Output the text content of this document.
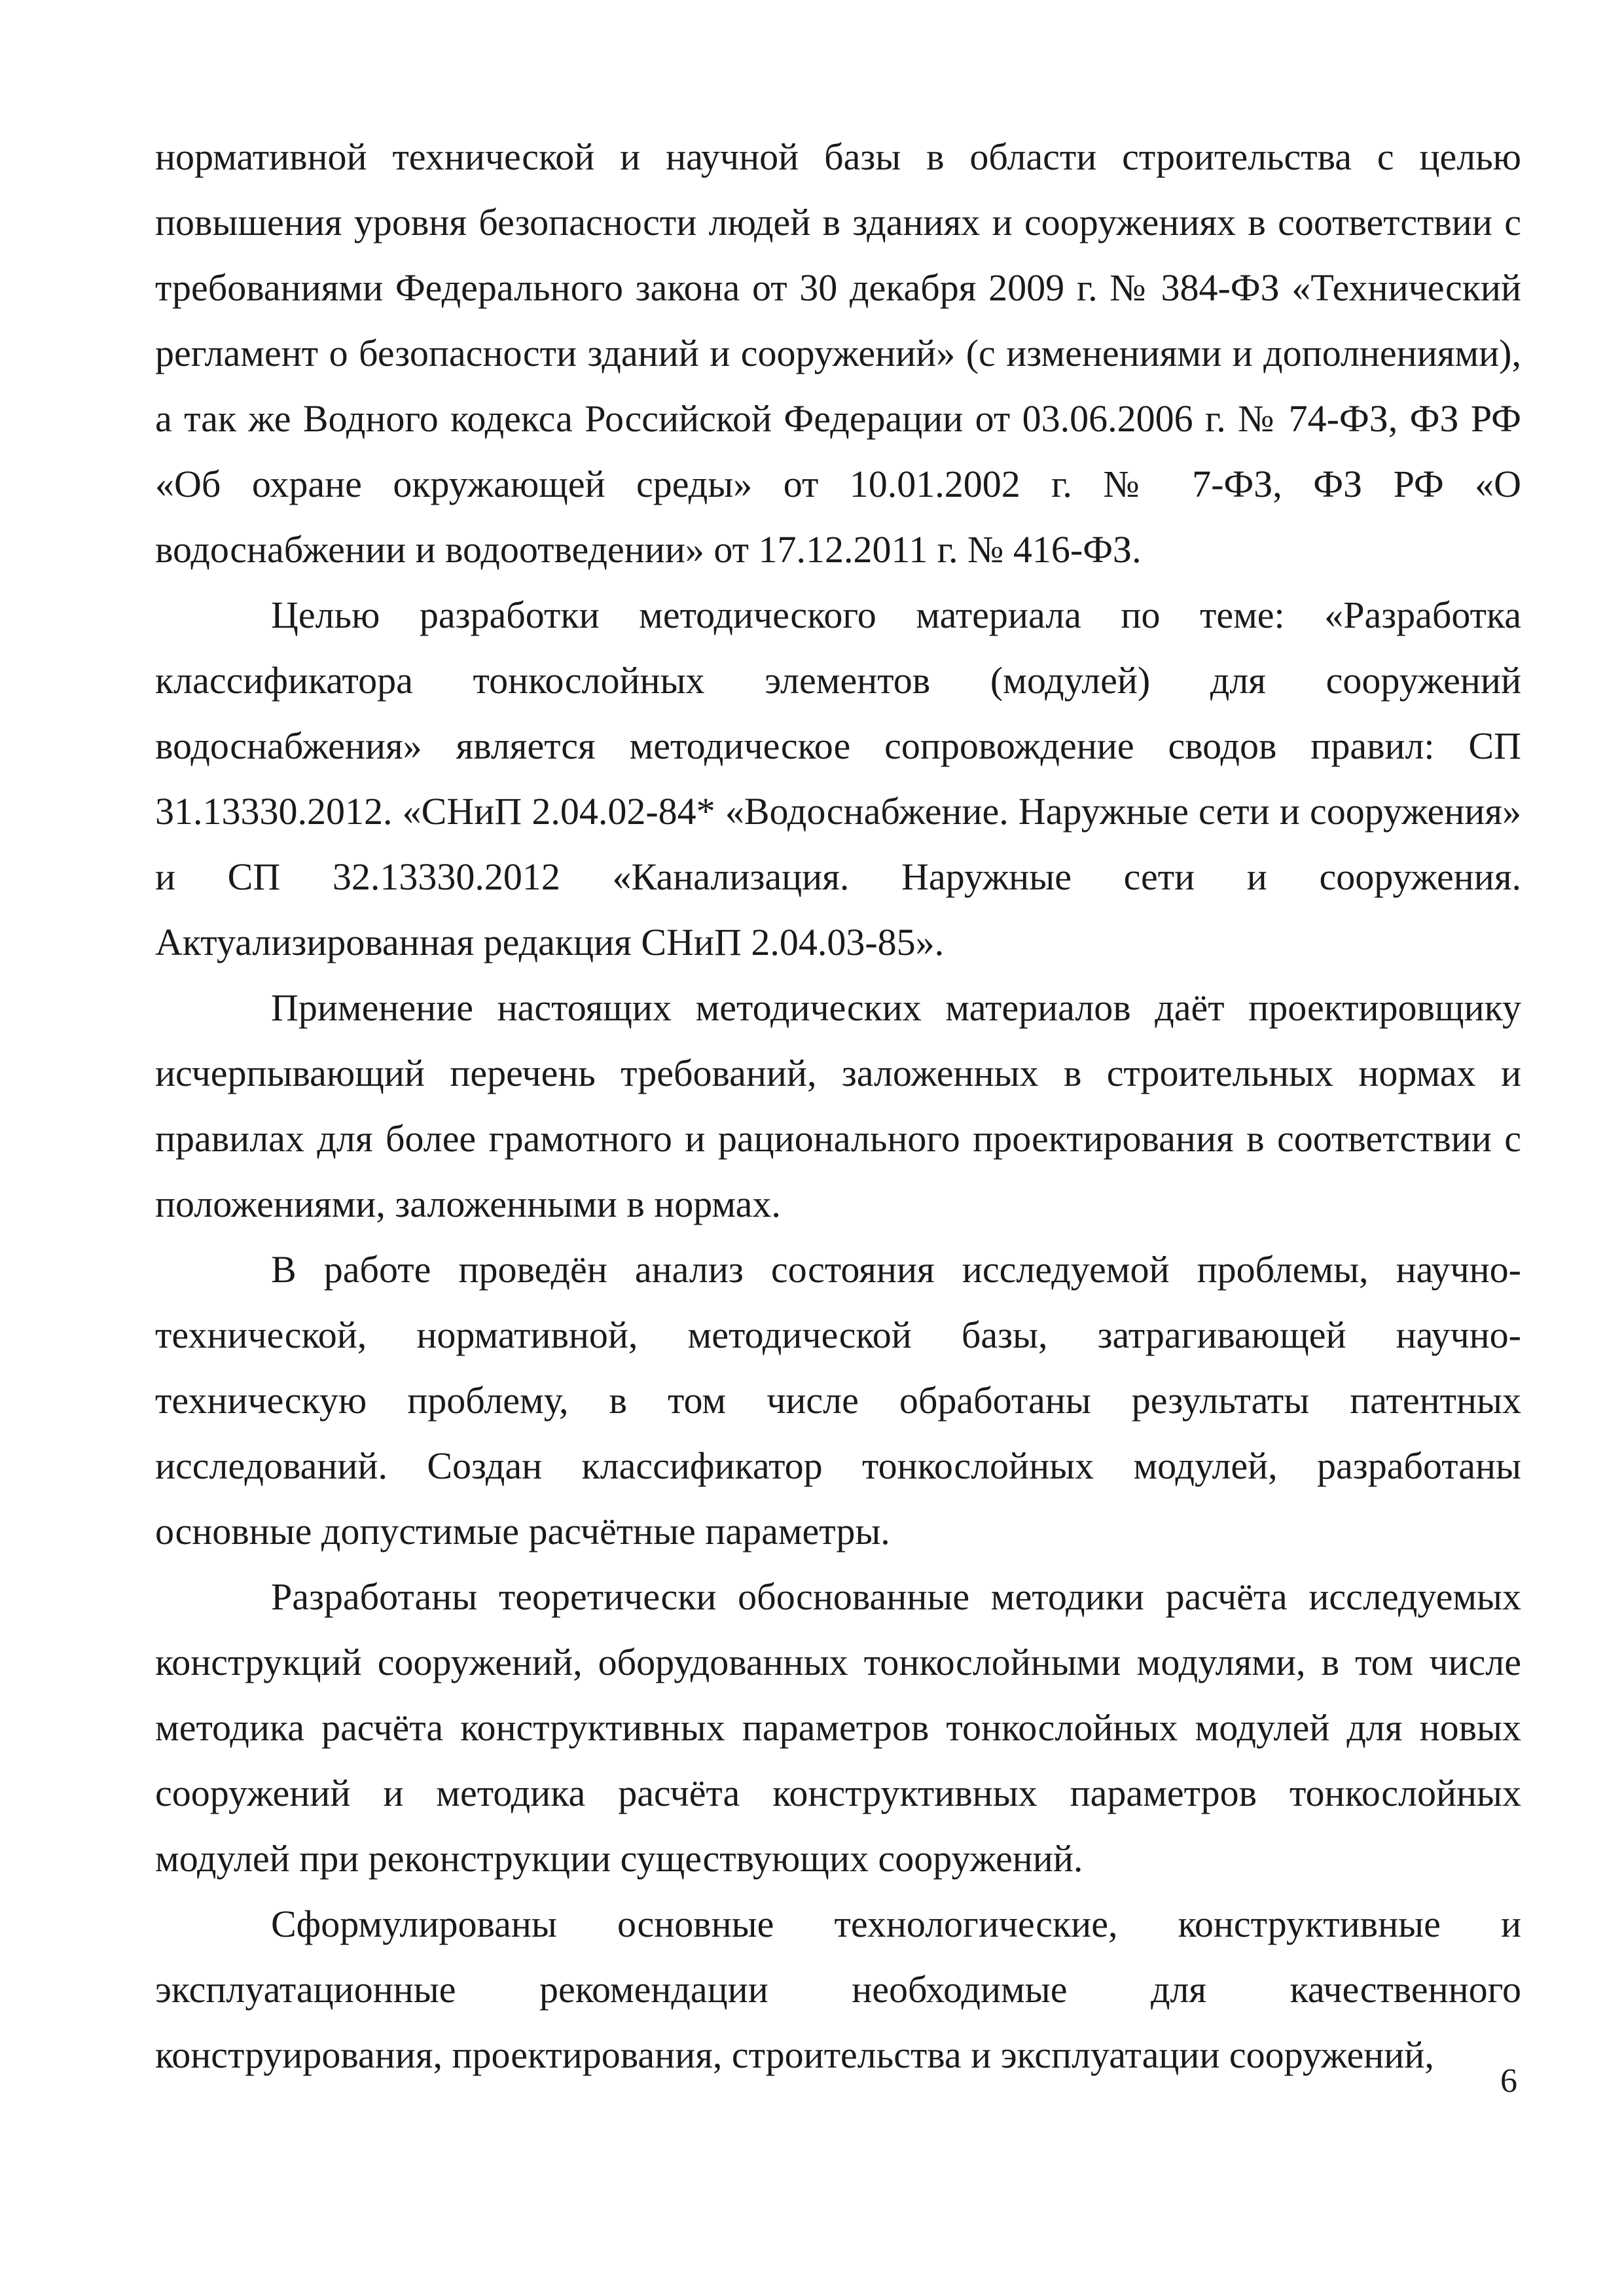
нормативной технической и научной базы в области строительства с целью повышения уровня безопасности людей в зданиях и сооружениях в соответствии с требованиями Федерального закона от 30 декабря 2009 г. № 384-ФЗ «Технический регламент о безопасности зданий и сооружений» (с изменениями и дополнениями), а так же Водного кодекса Российской Федерации от 03.06.2006 г. № 74-ФЗ, ФЗ РФ «Об охране окружающей среды» от 10.01.2002 г. № 7-ФЗ, ФЗ РФ «О водоснабжении и водоотведении» от 17.12.2011 г. № 416-ФЗ.

Целью разработки методического материала по теме: «Разработка классификатора тонкослойных элементов (модулей) для сооружений водоснабжения» является методическое сопровождение сводов правил: СП 31.13330.2012. «СНиП 2.04.02-84* «Водоснабжение. Наружные сети и сооружения» и СП 32.13330.2012 «Канализация. Наружные сети и сооружения. Актуализированная редакция СНиП 2.04.03-85».

Применение настоящих методических материалов даёт проектировщику исчерпывающий перечень требований, заложенных в строительных нормах и правилах для более грамотного и рационального проектирования в соответствии с положениями, заложенными в нормах.

В работе проведён анализ состояния исследуемой проблемы, научно-технической, нормативной, методической базы, затрагивающей научно-техническую проблему, в том числе обработаны результаты патентных исследований. Создан классификатор тонкослойных модулей, разработаны основные допустимые расчётные параметры.

Разработаны теоретически обоснованные методики расчёта исследуемых конструкций сооружений, оборудованных тонкослойными модулями, в том числе методика расчёта конструктивных параметров тонкослойных модулей для новых сооружений и методика расчёта конструктивных параметров тонкослойных модулей при реконструкции существующих сооружений.

Сформулированы основные технологические, конструктивные и эксплуатационные рекомендации необходимые для качественного конструирования, проектирования, строительства и эксплуатации сооружений,

6
